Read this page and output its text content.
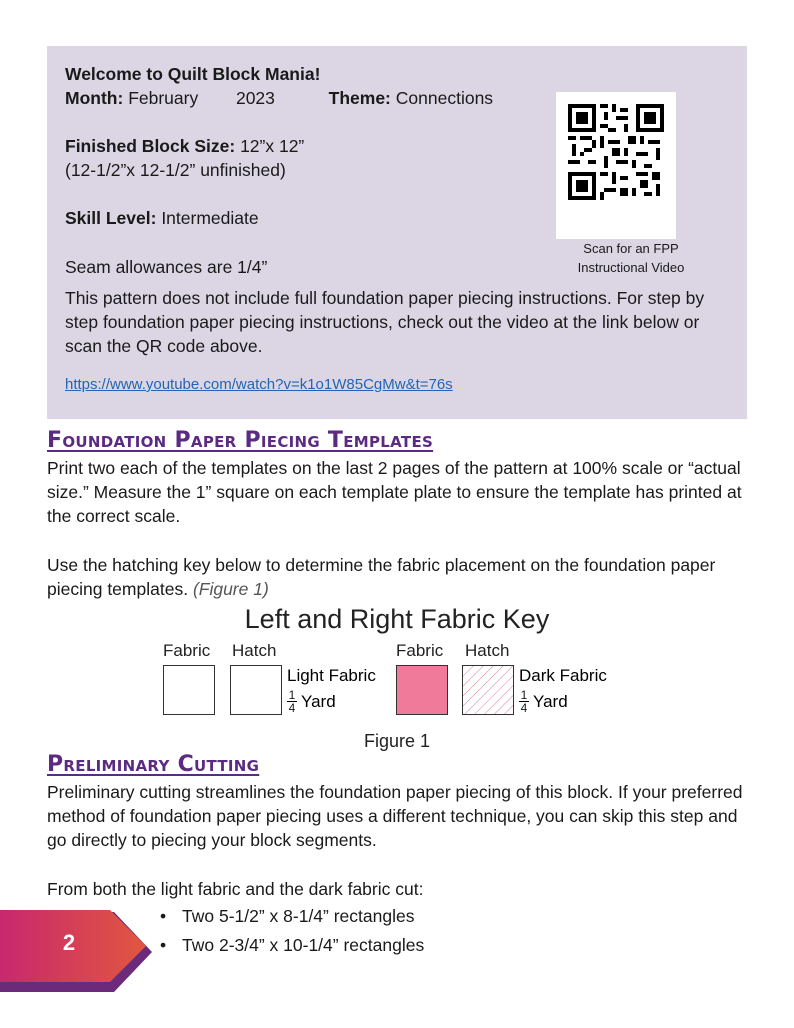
Welcome to Quilt Block Mania!
Month: February 2023	Theme: Connections
Finished Block Size: 12”x 12”
(12-1/2”x 12-1/2” unfinished)
Skill Level: Intermediate
Seam allowances are 1/4”
Scan for an FPP
Instructional Video
This pattern does not include full foundation paper piecing instructions. For step by step foundation paper piecing instructions, check out the video at the link below or scan the QR code above.
https://www.youtube.com/watch?v=k1o1W85CgMw&t=76s
Foundation Paper Piecing Templates
Print two each of the templates on the last 2 pages of the pattern at 100% scale or “actual size.” Measure the 1” square on each template plate to ensure the template has printed at the correct scale.
Use the hatching key below to determine the fabric placement on the foundation paper piecing templates. (Figure 1)
Left and Right Fabric Key
Fabric Hatch	Fabric Hatch
Light Fabric
1
4 Yard
Dark Fabric
1
4 Yard
Figure 1
Preliminary Cutting
Preliminary cutting streamlines the foundation paper piecing of this block. If your preferred method of foundation paper piecing uses a different technique, you can skip this step and go directly to piecing your block segments.
From both the light fabric and the dark fabric cut:
• Two 5-1/2” x 8-1/4” rectangles
• Two 2-3/4” x 10-1/4” rectangles
2
